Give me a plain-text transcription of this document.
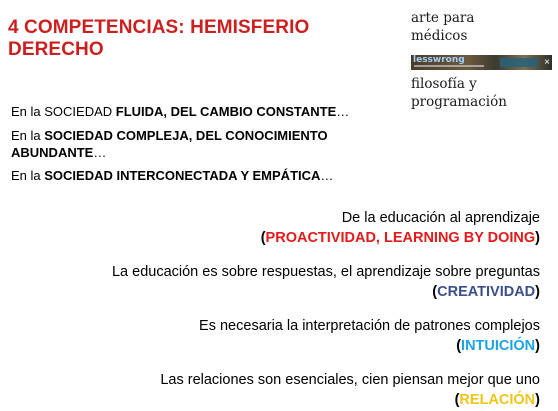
4 COMPETENCIAS: HEMISFERIO
DERECHO
arte para
médicos
lesswrong	×
filosofía y
programación
En la SOCIEDAD FLUIDA, DEL CAMBIO CONSTANTE…
En la SOCIEDAD COMPLEJA, DEL CONOCIMIENTO
ABUNDANTE…
En la SOCIEDAD INTERCONECTADA Y EMPÁTICA…
De la educación al aprendizaje
(PROACTIVIDAD, LEARNING BY DOING)
La educación es sobre respuestas, el aprendizaje sobre preguntas
(CREATIVIDAD)
Es necesaria la interpretación de patrones complejos
(INTUICIÓN)
Las relaciones son esenciales, cien piensan mejor que uno
(RELACIÓN)
